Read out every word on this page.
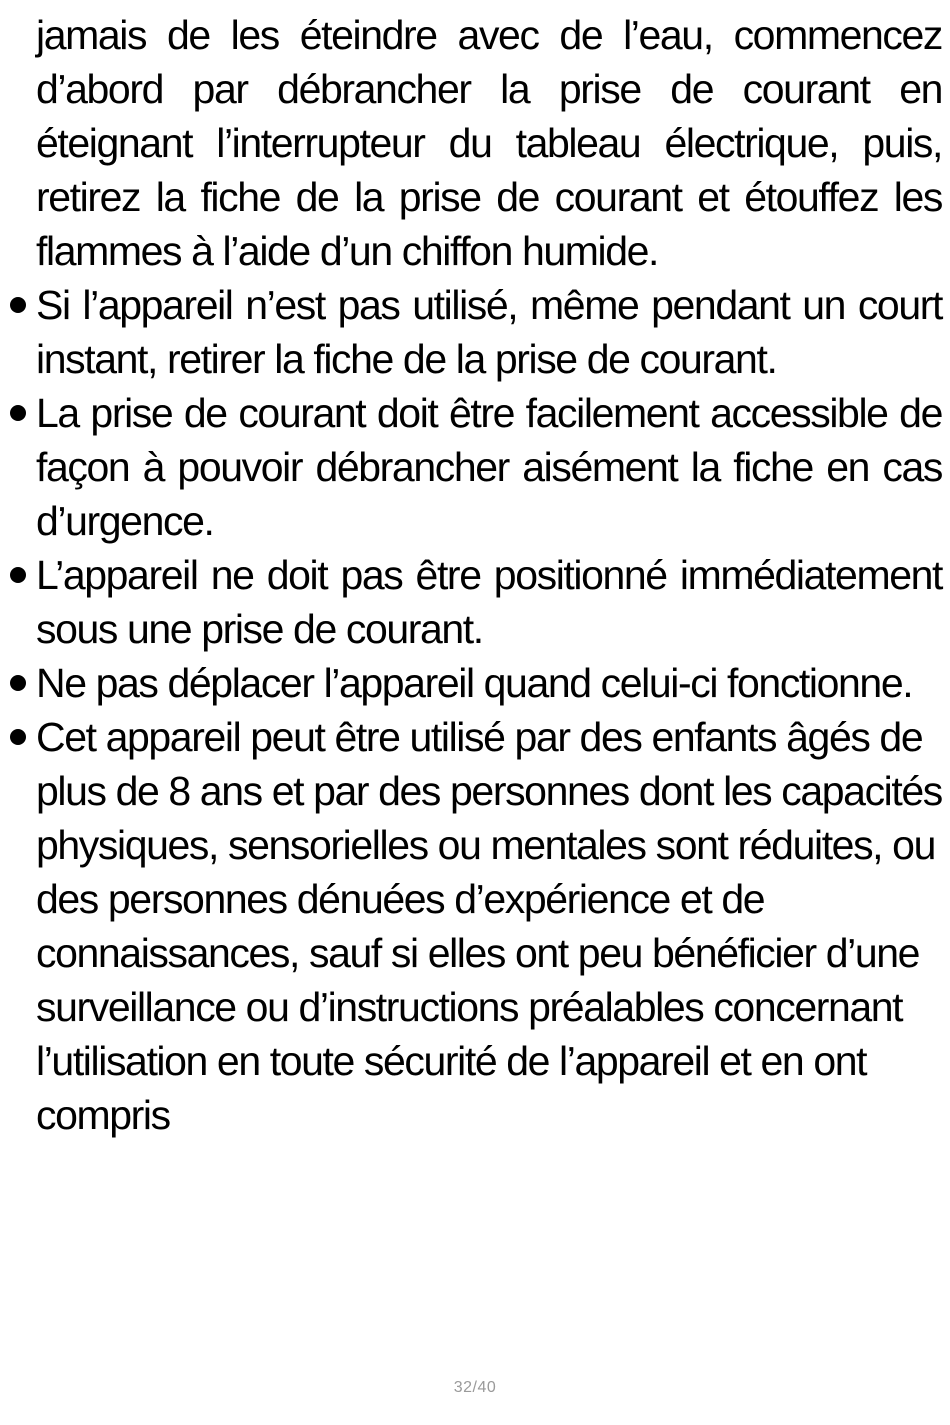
jamais de les éteindre avec de l’eau, commencez d’abord par débrancher la prise de courant en éteignant l’interrupteur du tableau électrique, puis, retirez la fiche de la prise de courant et étouffez les flammes à l’aide d’un chiffon humide.

Si l’appareil n’est pas utilisé, même pendant un court instant, retirer la fiche de la prise de courant.
La prise de courant doit être facilement accessible de façon à pouvoir débrancher aisément la fiche en cas d’urgence.
L’appareil ne doit pas être positionné immédiatement sous une prise de courant.
Ne pas déplacer l’appareil quand celui-ci fonctionne.
Cet appareil peut être utilisé par des enfants âgés de plus de 8 ans et par des personnes dont les capacités physiques, sensorielles ou mentales sont réduites, ou des personnes dénuées d’expérience et de connaissances, sauf si elles ont peu bénéficier d’une surveillance ou d’instructions préalables concernant l’utilisation en toute sécurité de l’appareil et en ont compris
32/40
